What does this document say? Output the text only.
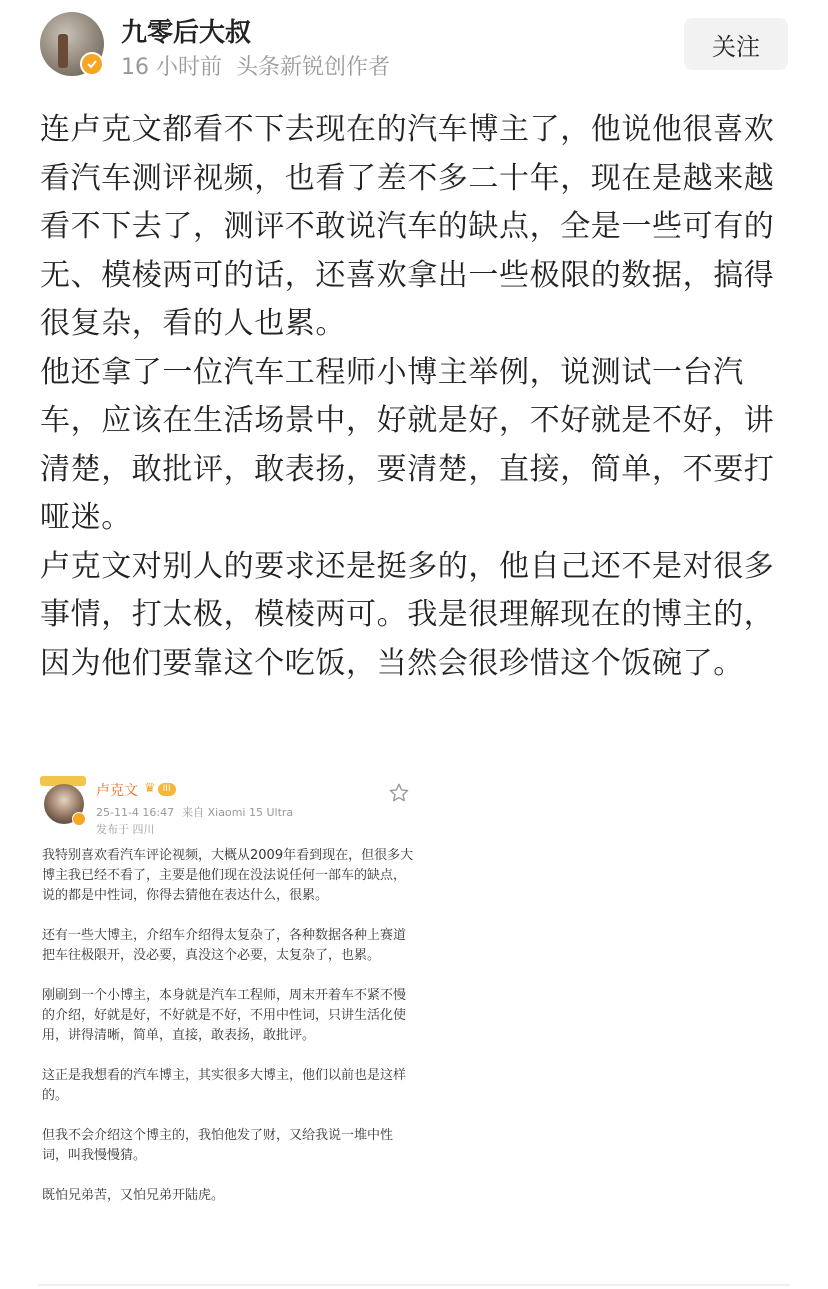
九零后大叔
16 小时前 头条新锐创作者
关注

连卢克文都看不下去现在的汽车博主了，他说他很喜欢看汽车测评视频，也看了差不多二十年，现在是越来越看不下去了，测评不敢说汽车的缺点，全是一些可有的无、模棱两可的话，还喜欢拿出一些极限的数据，搞得很复杂，看的人也累。

他还拿了一位汽车工程师小博主举例，说测试一台汽车，应该在生活场景中，好就是好，不好就是不好，讲清楚，敢批评，敢表扬，要清楚，直接，简单，不要打哑迷。

卢克文对别人的要求还是挺多的，他自己还不是对很多事情，打太极，模棱两可。我是很理解现在的博主的，因为他们要靠这个吃饭，当然会很珍惜这个饭碗了。

卢克文 ♛ III
25-11-4 16:47 来自 Xiaomi 15 Ultra
发布于 四川

我特别喜欢看汽车评论视频，大概从2009年看到现在，但很多大博主我已经不看了，主要是他们现在没法说任何一部车的缺点，说的都是中性词，你得去猜他在表达什么，很累。

还有一些大博主，介绍车介绍得太复杂了，各种数据各种上赛道把车往极限开，没必要，真没这个必要，太复杂了，也累。

刚刷到一个小博主，本身就是汽车工程师，周末开着车不紧不慢的介绍，好就是好，不好就是不好，不用中性词，只讲生活化使用，讲得清晰，简单，直接，敢表扬，敢批评。

这正是我想看的汽车博主，其实很多大博主，他们以前也是这样的。

但我不会介绍这个博主的，我怕他发了财，又给我说一堆中性词，叫我慢慢猜。

既怕兄弟苦，又怕兄弟开陆虎。
